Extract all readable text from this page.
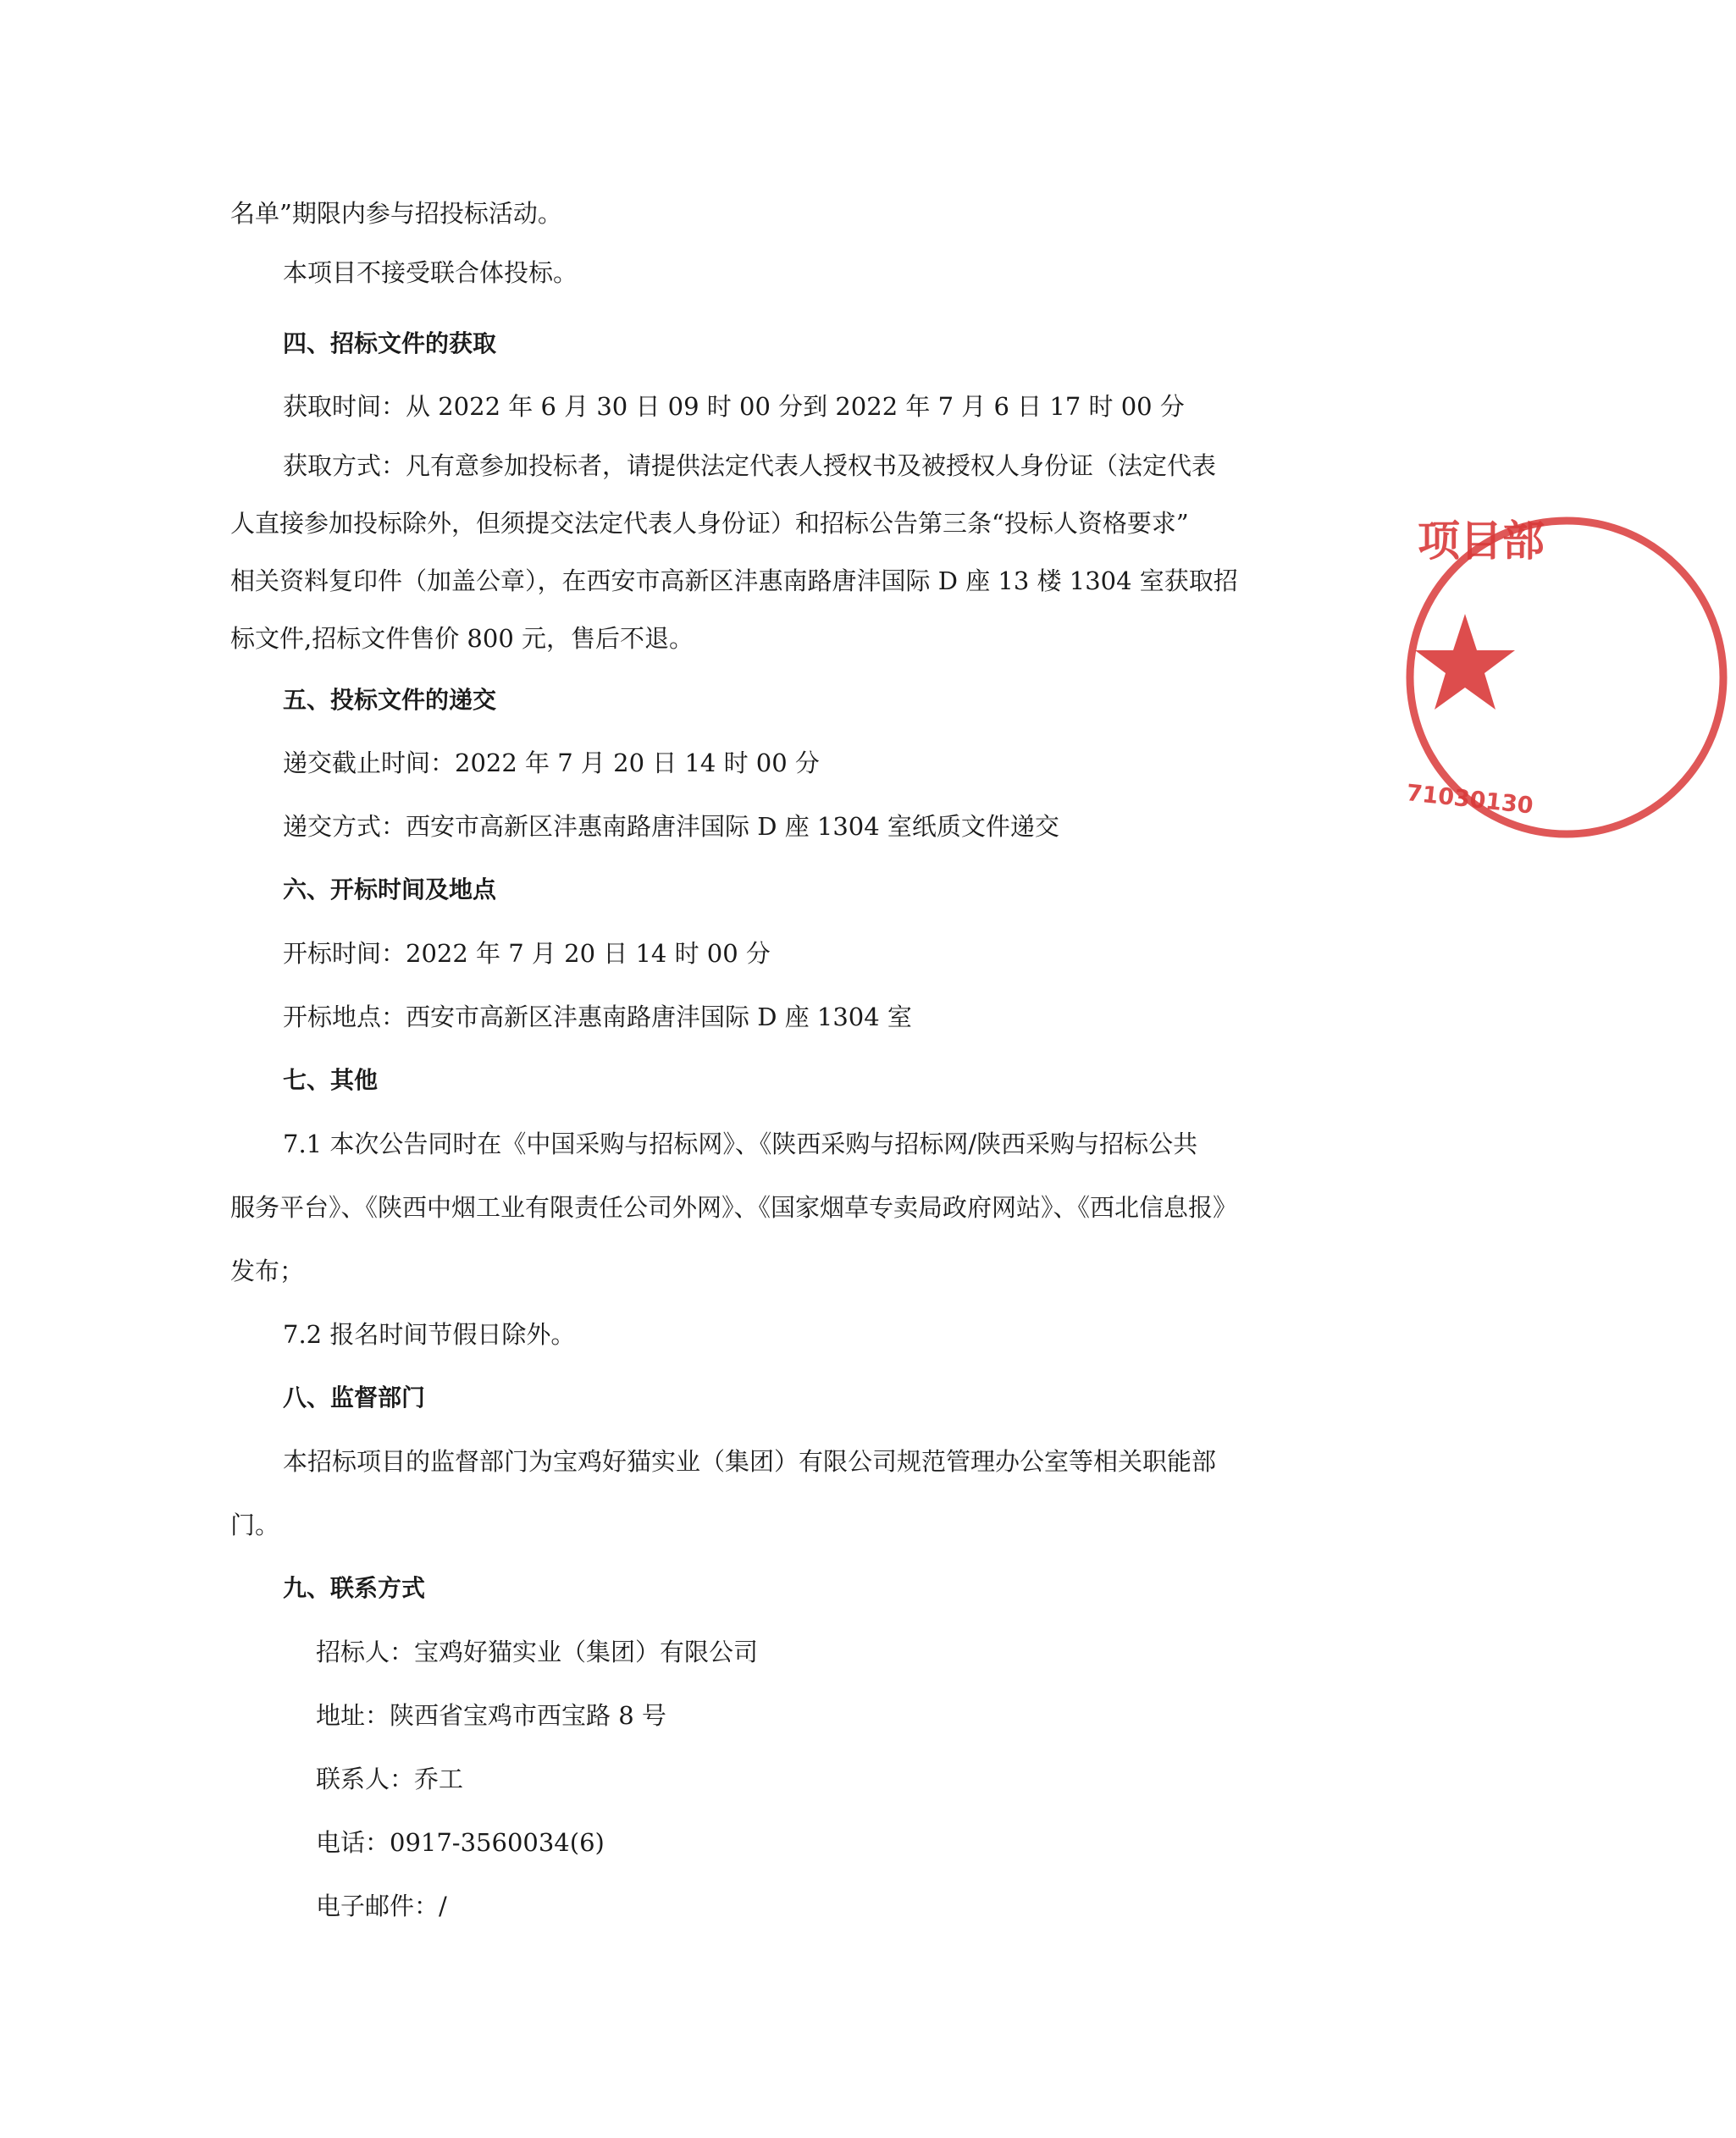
名单”期限内参与招投标活动。

本项目不接受联合体投标。

四、招标文件的获取

获取时间：从 2022 年 6 月 30 日 09 时 00 分到 2022 年 7 月 6 日 17 时 00 分

获取方式：凡有意参加投标者，请提供法定代表人授权书及被授权人身份证（法定代表

人直接参加投标除外，但须提交法定代表人身份证）和招标公告第三条“投标人资格要求”

相关资料复印件（加盖公章），在西安市高新区沣惠南路唐沣国际 D 座 13 楼 1304 室获取招

标文件,招标文件售价 800 元，售后不退。

五、投标文件的递交

递交截止时间：2022 年 7 月 20 日 14 时 00 分

递交方式：西安市高新区沣惠南路唐沣国际 D 座 1304 室纸质文件递交

六、开标时间及地点

开标时间：2022 年 7 月 20 日 14 时 00 分

开标地点：西安市高新区沣惠南路唐沣国际 D 座 1304 室

七、其他

7.1 本次公告同时在《中国采购与招标网》、《陕西采购与招标网/陕西采购与招标公共

服务平台》、《陕西中烟工业有限责任公司外网》、《国家烟草专卖局政府网站》、《西北信息报》

发布；

7.2 报名时间节假日除外。

八、监督部门

本招标项目的监督部门为宝鸡好猫实业（集团）有限公司规范管理办公室等相关职能部

门。

九、联系方式

招标人：宝鸡好猫实业（集团）有限公司

地址：陕西省宝鸡市西宝路 8 号

联系人：乔工

电话：0917-3560034(6)

电子邮件：/

项目部
71030130
